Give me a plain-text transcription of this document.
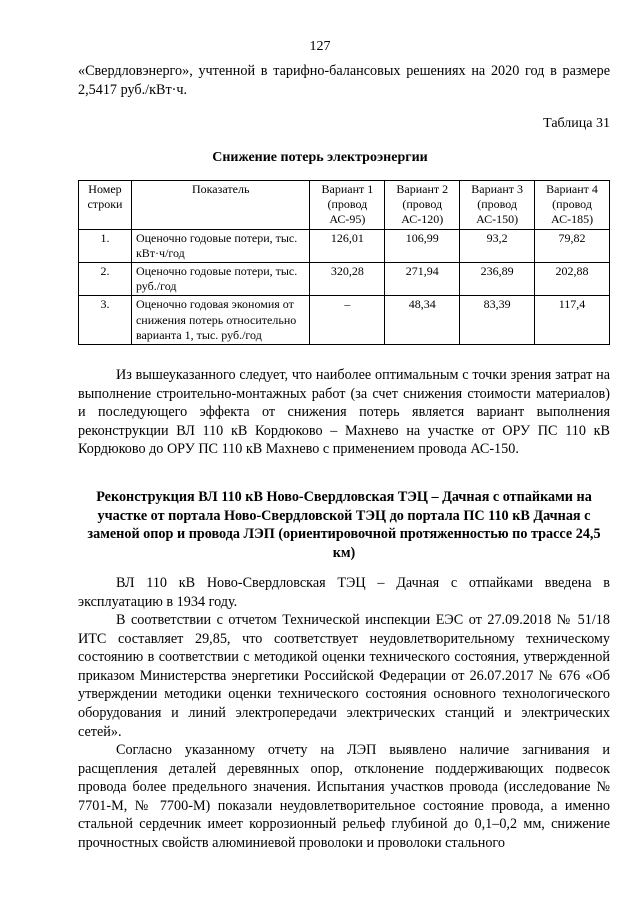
127

«Свердловэнерго», учтенной в тарифно-балансовых решениях на 2020 год в размере 2,5417 руб./кВт·ч.

Таблица 31
Снижение потерь электроэнергии
Номер строки	Показатель	Вариант 1 (провод АС-95)	Вариант 2 (провод АС-120)	Вариант 3 (провод АС-150)	Вариант 4 (провод АС-185)
1.	Оценочно годовые потери, тыс. кВт·ч/год	126,01	106,99	93,2	79,82
2.	Оценочно годовые потери, тыс. руб./год	320,28	271,94	236,89	202,88
3.	Оценочно годовая экономия от снижения потерь относительно варианта 1, тыс. руб./год	–	48,34	83,39	117,4

Из вышеуказанного следует, что наиболее оптимальным с точки зрения затрат на выполнение строительно-монтажных работ (за счет снижения стоимости материалов) и последующего эффекта от снижения потерь является вариант выполнения реконструкции ВЛ 110 кВ Кордюково – Махнево на участке от ОРУ ПС 110 кВ Кордюково до ОРУ ПС 110 кВ Махнево с применением провода АС-150.

Реконструкция ВЛ 110 кВ Ново-Свердловская ТЭЦ – Дачная с отпайками на участке от портала Ново-Свердловской ТЭЦ до портала ПС 110 кВ Дачная с заменой опор и провода ЛЭП (ориентировочной протяженностью по трассе 24,5 км)

ВЛ 110 кВ Ново-Свердловская ТЭЦ – Дачная с отпайками введена в эксплуатацию в 1934 году.

В соответствии с отчетом Технической инспекции ЕЭС от 27.09.2018 № 51/18 ИТС составляет 29,85, что соответствует неудовлетворительному техническому состоянию в соответствии с методикой оценки технического состояния, утвержденной приказом Министерства энергетики Российской Федерации от 26.07.2017 № 676 «Об утверждении методики оценки технического состояния основного технологического оборудования и линий электропередачи электрических станций и электрических сетей».

Согласно указанному отчету на ЛЭП выявлено наличие загнивания и расщепления деталей деревянных опор, отклонение поддерживающих подвесок провода более предельного значения. Испытания участков провода (исследование № 7701-М, № 7700-М) показали неудовлетворительное состояние провода, а именно стальной сердечник имеет коррозионный рельеф глубиной до 0,1–0,2 мм, снижение прочностных свойств алюминиевой проволоки и проволоки стального
